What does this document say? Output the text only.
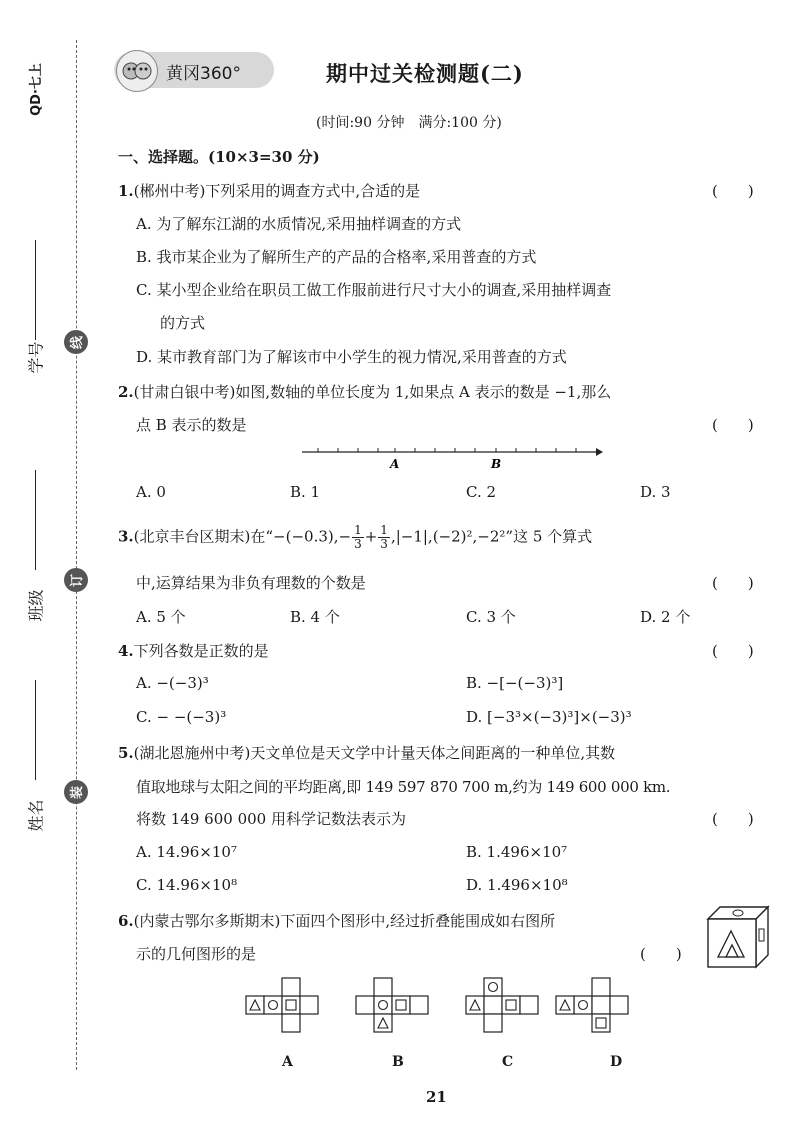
QD·七上
学号
班级
姓名
线
订
装
黄冈360°	期中过关检测题(二)
(时间:90 分钟　满分:100 分)
一、选择题。(10×3=30 分)
1.(郴州中考)下列采用的调查方式中,合适的是	(　　)
A. 为了解东江湖的水质情况,采用抽样调查的方式
B. 我市某企业为了解所生产的产品的合格率,采用普查的方式
C. 某小型企业给在职员工做工作服前进行尺寸大小的调查,采用抽样调查
的方式
D. 某市教育部门为了解该市中小学生的视力情况,采用普查的方式
2.(甘肃白银中考)如图,数轴的单位长度为 1,如果点 A 表示的数是 −1,那么
点 B 表示的数是	(　　)
A	B
A. 0	B. 1	C. 2	D. 3
3.(北京丰台区期末)在“$-(-0.3),- \frac{1}{3} + \frac{1}{3} ,|-1|,(-2)^2,-2^2$”这 5 个算式
中,运算结果为非负有理数的个数是	(　　)
A. 5 个	B. 4 个	C. 3 个	D. 2 个
4.下列各数是正数的是	(　　)
A. −(−3)³	B. −[−(−3)³]
C. − −(−3)³	D. [−3³×(−3)³]×(−3)³
5.(湖北恩施州中考)天文单位是天文学中计量天体之间距离的一种单位,其数
值取地球与太阳之间的平均距离,即 149 597 870 700 m,约为 149 600 000 km.
将数 149 600 000 用科学记数法表示为	(　　)
A. 14.96×10⁷	B. 1.496×10⁷
C. 14.96×10⁸	D. 1.496×10⁸
6.(内蒙古鄂尔多斯期末)下面四个图形中,经过折叠能围成如右图所
示的几何图形的是	(　　)
A	B	C	D
21
